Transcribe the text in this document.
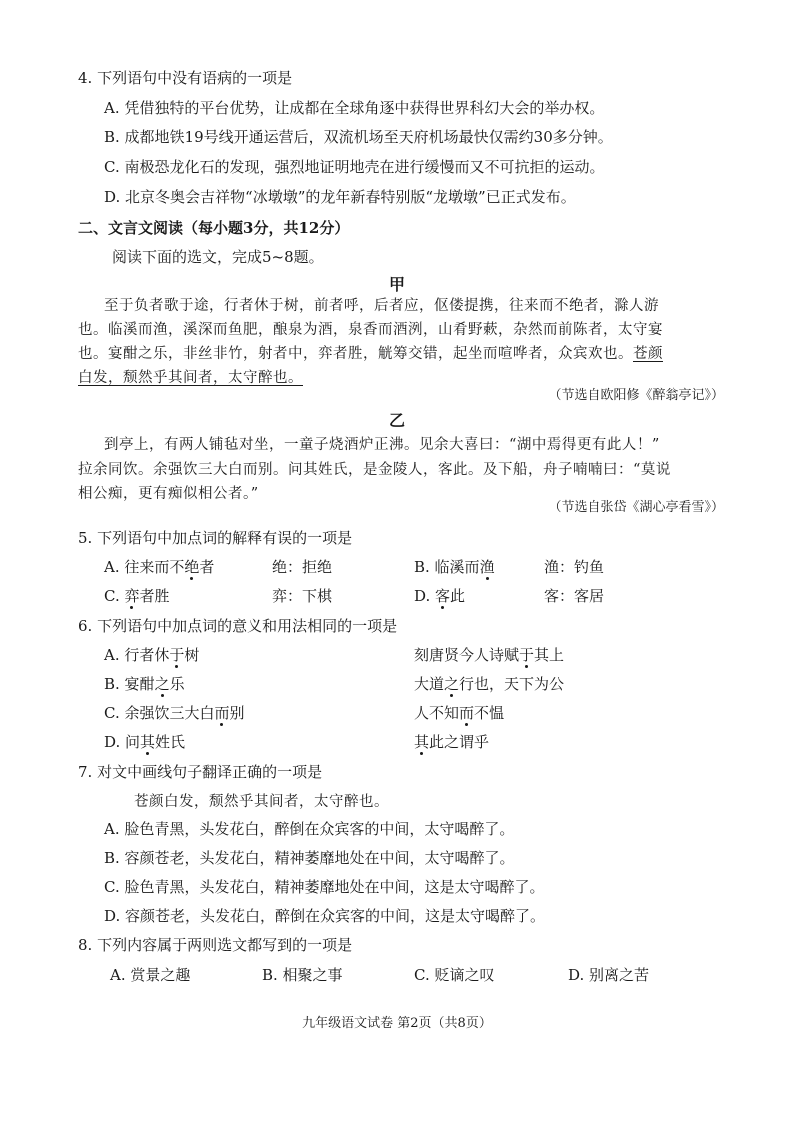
4. 下列语句中没有语病的一项是
A. 凭借独特的平台优势，让成都在全球角逐中获得世界科幻大会的举办权。
B. 成都地铁19号线开通运营后，双流机场至天府机场最快仅需约30多分钟。
C. 南极恐龙化石的发现，强烈地证明地壳在进行缓慢而又不可抗拒的运动。
D. 北京冬奥会吉祥物“冰墩墩”的龙年新春特别版“龙墩墩”已正式发布。
二、文言文阅读（每小题3分，共12分）
阅读下面的选文，完成5~8题。
甲
至于负者歌于途，行者休于树，前者呼，后者应，伛偻提携，往来而不绝者，滁人游
也。临溪而渔，溪深而鱼肥，酿泉为酒，泉香而酒洌，山肴野蔌，杂然而前陈者，太守宴
也。宴酣之乐，非丝非竹，射者中，弈者胜，觥筹交错，起坐而喧哗者，众宾欢也。苍颜
白发，颓然乎其间者，太守醉也。
（节选自欧阳修《醉翁亭记》）
乙
到亭上，有两人铺毡对坐，一童子烧酒炉正沸。见余大喜曰：“湖中焉得更有此人！”
拉余同饮。余强饮三大白而别。问其姓氏，是金陵人，客此。及下船，舟子喃喃曰：“莫说
相公痴，更有痴似相公者。”
（节选自张岱《湖心亭看雪》）
5. 下列语句中加点词的解释有误的一项是
A. 往来而不绝者	绝：拒绝	B. 临溪而渔	渔：钓鱼
C. 弈者胜	弈：下棋	D. 客此	客：客居
6. 下列语句中加点词的意义和用法相同的一项是
A. 行者休于树	刻唐贤今人诗赋于其上
B. 宴酣之乐	大道之行也，天下为公
C. 余强饮三大白而别	人不知而不愠
D. 问其姓氏	其此之谓乎
7. 对文中画线句子翻译正确的一项是
苍颜白发，颓然乎其间者，太守醉也。
A. 脸色青黑，头发花白，醉倒在众宾客的中间，太守喝醉了。
B. 容颜苍老，头发花白，精神萎靡地处在中间，太守喝醉了。
C. 脸色青黑，头发花白，精神萎靡地处在中间，这是太守喝醉了。
D. 容颜苍老，头发花白，醉倒在众宾客的中间，这是太守喝醉了。
8. 下列内容属于两则选文都写到的一项是
A. 赏景之趣	B. 相聚之事	C. 贬谪之叹	D. 别离之苦
九年级语文试卷 第2页（共8页）
